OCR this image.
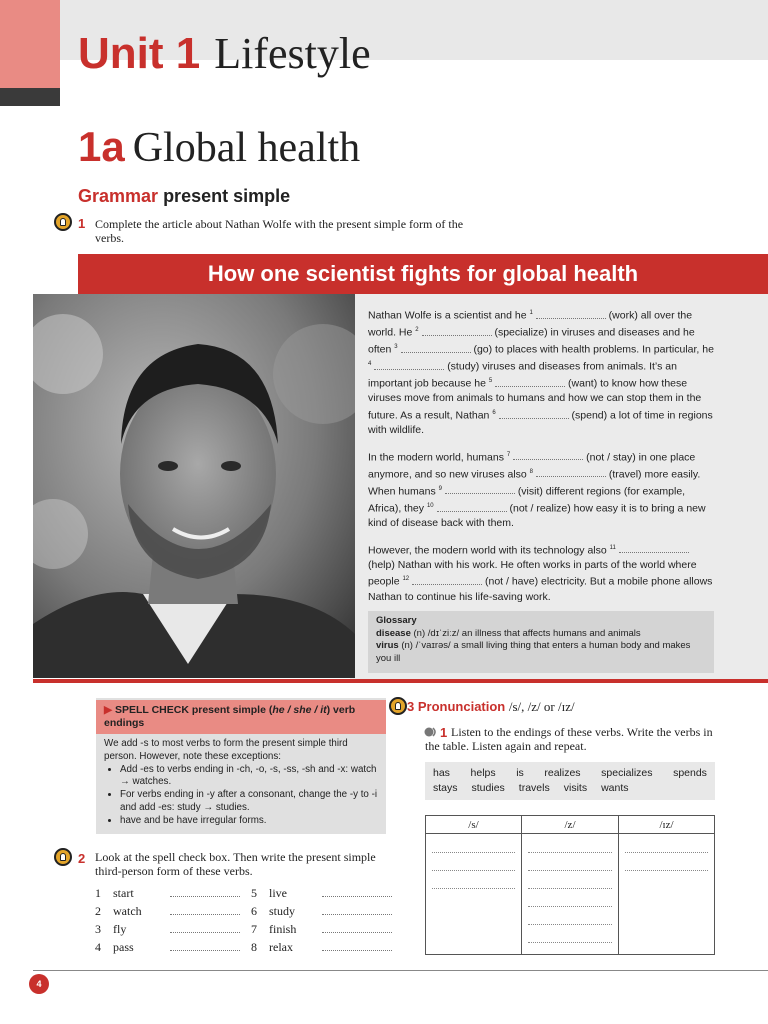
Unit 1 Lifestyle
1a Global health
Grammar present simple
1 Complete the article about Nathan Wolfe with the present simple form of the verbs.
How one scientist fights for global health

Nathan Wolfe is a scientist and he $^1$	(work) all over the world. He $^2$	(specialize) in viruses and diseases and he often $^3$	(go) to places with health problems. In particular, he $^4$	(study) viruses and diseases from animals. It’s an important job because he $^5$	(want) to know how these viruses move from animals to humans and how we can stop them in the future. As a result, Nathan $^6$	(spend) a lot of time in regions with wildlife.

In the modern world, humans $^7$	(not / stay) in one place anymore, and so new viruses also $^8$	(travel) more easily. When humans $^9$	(visit) different regions (for example, Africa), they $^{10}$	(not / realize) how easy it is to bring a new kind of disease back with them.

However, the modern world with its technology also $^{11}$  (help) Nathan with his work. He often works in parts of the world where people $^{12}$	(not / have) electricity. But a mobile phone allows Nathan to continue his life-saving work.

Glossary
disease (n) /dɪˈziːz/ an illness that affects humans and animals
virus (n) /ˈvaɪrəs/ a small living thing that enters a human body and makes you ill
▶ SPELL CHECK present simple (he / she / it) verb endings
We add -s to most verbs to form the present simple third person. However, note these exceptions:
• Add -es to verbs ending in -ch, -o, -s, -ss, -sh and -x: watch → watches.
• For verbs ending in -y after a consonant, change the -y to -i and add -es: study → studies.
• have and be have irregular forms.
2 Look at the spell check box. Then write the present simple third-person form of these verbs.
1 start
2 watch
3 fly
4 pass
5 live
6 study
7 finish
8 relax
3 Pronunciation /s/, /z/ or /ɪz/
1 Listen to the endings of these verbs. Write the verbs in the table. Listen again and repeat.
has helps is realizes specializes spends
stays studies travels visits wants
/s/	/z/	/ɪz/
4
